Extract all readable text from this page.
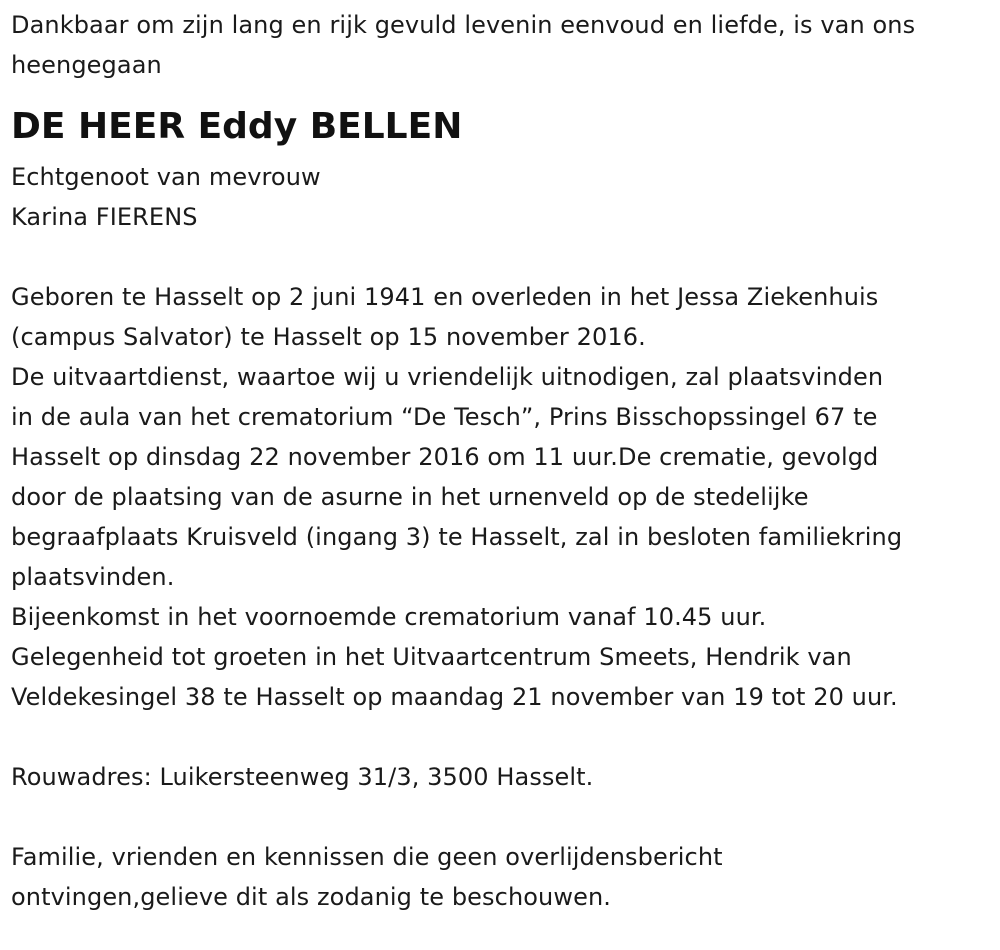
Dankbaar om zijn lang en rijk gevuld levenin eenvoud en liefde, is van ons
heengegaan
DE HEER Eddy BELLEN
Echtgenoot van mevrouw
Karina FIERENS
Geboren te Hasselt op 2 juni 1941 en overleden in het Jessa Ziekenhuis
(campus Salvator) te Hasselt op 15 november 2016.
De uitvaartdienst, waartoe wij u vriendelijk uitnodigen, zal plaatsvinden
in de aula van het crematorium “De Tesch”, Prins Bisschopssingel 67 te
Hasselt op dinsdag 22 november 2016 om 11 uur.De crematie, gevolgd
door de plaatsing van de asurne in het urnenveld op de stedelijke
begraafplaats Kruisveld (ingang 3) te Hasselt, zal in besloten familiekring
plaatsvinden.
Bijeenkomst in het voornoemde crematorium vanaf 10.45 uur.
Gelegenheid tot groeten in het Uitvaartcentrum Smeets, Hendrik van
Veldekesingel 38 te Hasselt op maandag 21 november van 19 tot 20 uur.
Rouwadres: Luikersteenweg 31/3, 3500 Hasselt.
Familie, vrienden en kennissen die geen overlijdensbericht
ontvingen,gelieve dit als zodanig te beschouwen.
